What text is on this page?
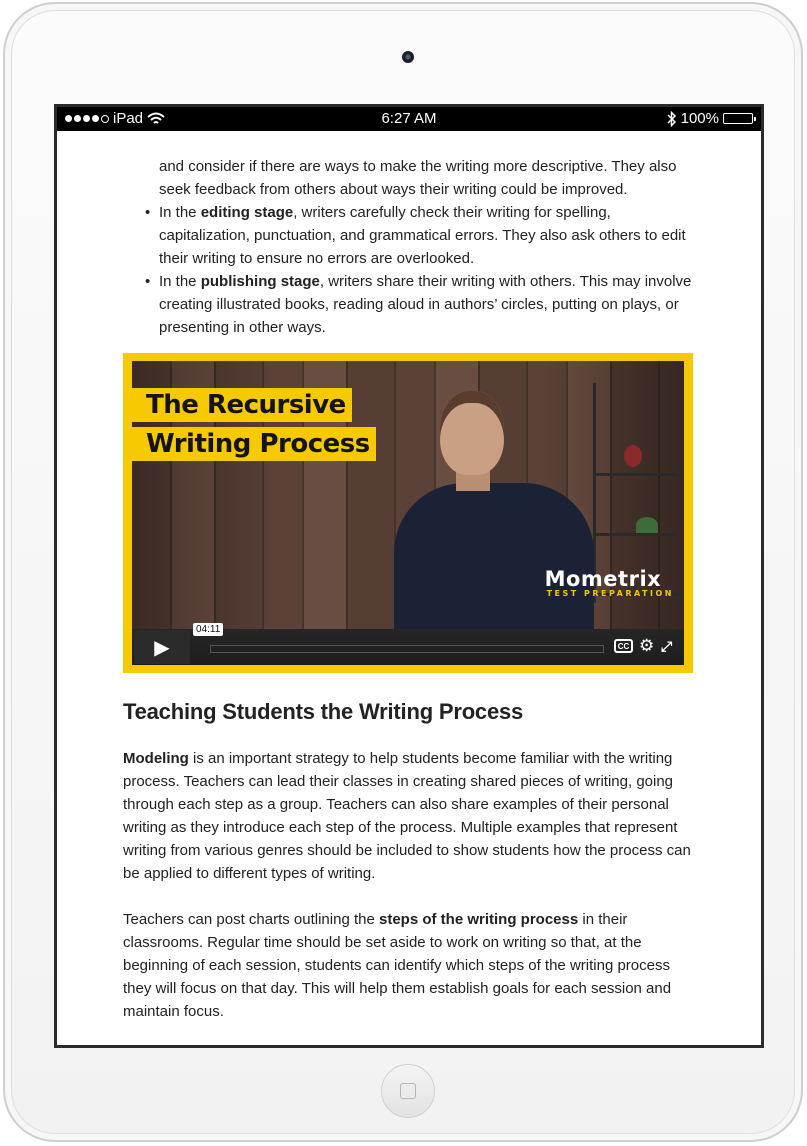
iPad	6:27 AM	100%
and consider if there are ways to make the writing more descriptive. They also seek feedback from others about ways their writing could be improved.
• In the editing stage, writers carefully check their writing for spelling, capitalization, punctuation, and grammatical errors. They also ask others to edit their writing to ensure no errors are overlooked.
• In the publishing stage, writers share their writing with others. This may involve creating illustrated books, reading aloud in authors’ circles, putting on plays, or presenting in other ways.
The Recursive
Writing Process
Mometrix
TEST PREPARATION
▶
04:11
CC ⚙ ⤢
Teaching Students the Writing Process

Modeling is an important strategy to help students become familiar with the writing process. Teachers can lead their classes in creating shared pieces of writing, going through each step as a group. Teachers can also share examples of their personal writing as they introduce each step of the process. Multiple examples that represent writing from various genres should be included to show students how the process can be applied to different types of writing.

Teachers can post charts outlining the steps of the writing process in their classrooms. Regular time should be set aside to work on writing so that, at the beginning of each session, students can identify which steps of the writing process they will focus on that day. This will help them establish goals for each session and maintain focus.
